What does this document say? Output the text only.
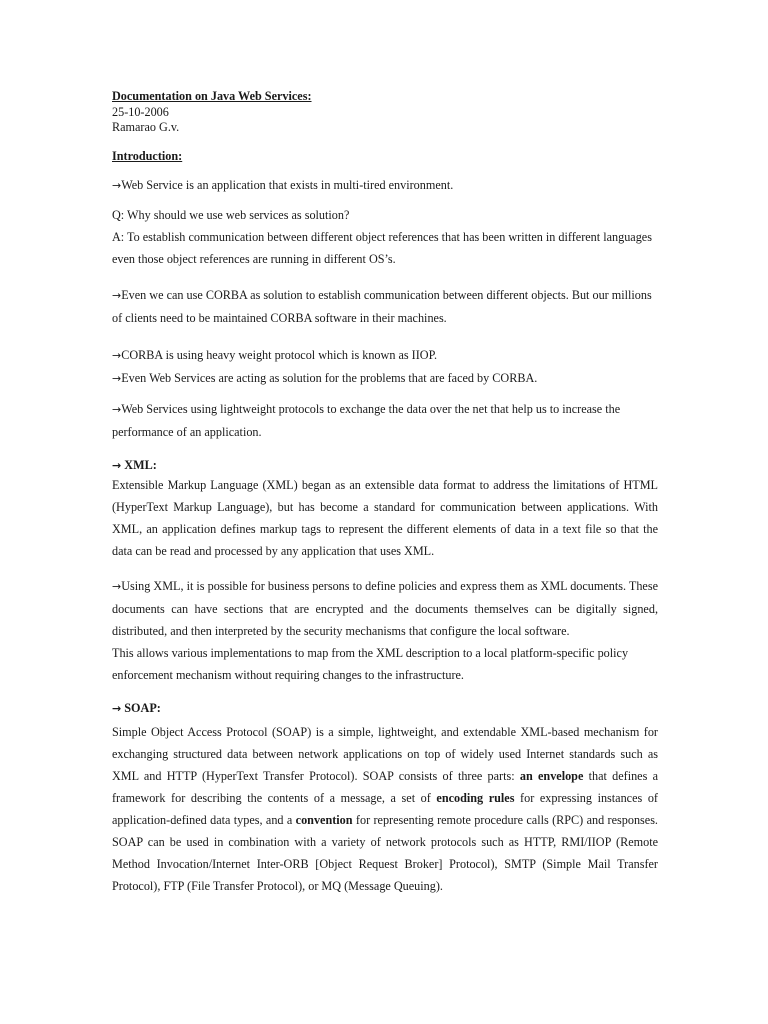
Documentation on Java Web Services:
25-10-2006
Ramarao G.v.
Introduction:
→Web Service is an application that exists in multi-tired environment.
Q: Why should we use web services as solution?
A: To establish communication between different object references that has been written in different languages even those object references are running in different OS’s.
→Even we can use CORBA as solution to establish communication between different objects. But our millions of clients need to be maintained CORBA software in their machines.
→CORBA is using heavy weight protocol which is known as IIOP.
→Even Web Services are acting as solution for the problems that are faced by CORBA.
→Web Services using lightweight protocols to exchange the data over the net that help us to increase the performance of an application.
→ XML:
Extensible Markup Language (XML) began as an extensible data format to address the limitations of HTML (HyperText Markup Language), but has become a standard for communication between applications. With XML, an application defines markup tags to represent the different elements of data in a text file so that the data can be read and processed by any application that uses XML.
→Using XML, it is possible for business persons to define policies and express them as XML documents. These documents can have sections that are encrypted and the documents themselves can be digitally signed, distributed, and then interpreted by the security mechanisms that configure the local software.
This allows various implementations to map from the XML description to a local platform-specific policy enforcement mechanism without requiring changes to the infrastructure.
→ SOAP:
Simple Object Access Protocol (SOAP) is a simple, lightweight, and extendable XML-based mechanism for exchanging structured data between network applications on top of widely used Internet standards such as XML and HTTP (HyperText Transfer Protocol). SOAP consists of three parts: an envelope that defines a framework for describing the contents of a message, a set of encoding rules for expressing instances of application-defined data types, and a convention for representing remote procedure calls (RPC) and responses. SOAP can be used in combination with a variety of network protocols such as HTTP, RMI/IIOP (Remote Method Invocation/Internet Inter-ORB [Object Request Broker] Protocol), SMTP (Simple Mail Transfer Protocol), FTP (File Transfer Protocol), or MQ (Message Queuing).
